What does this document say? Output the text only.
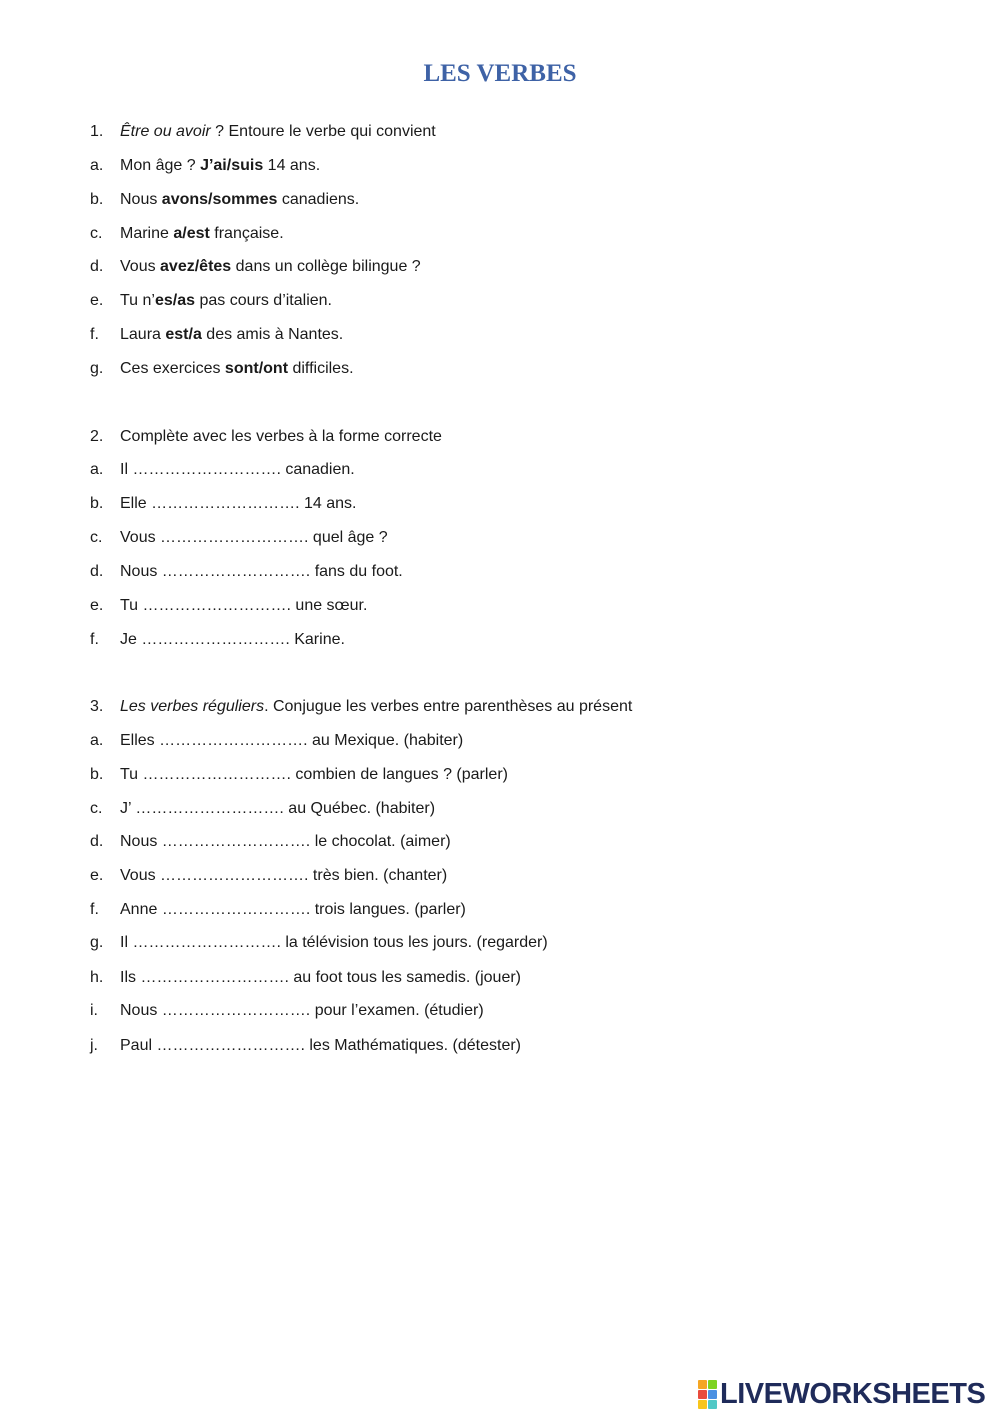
LES VERBES
1. Être ou avoir ? Entoure le verbe qui convient
a. Mon âge ? J’ai/suis 14 ans.
b. Nous avons/sommes canadiens.
c. Marine a/est française.
d. Vous avez/êtes dans un collège bilingue ?
e. Tu n’es/as pas cours d’italien.
f. Laura est/a des amis à Nantes.
g. Ces exercices sont/ont difficiles.
2. Complète avec les verbes à la forme correcte
a. Il ………………………. canadien.
b. Elle ………………………. 14 ans.
c. Vous ………………………. quel âge ?
d. Nous ………………………. fans du foot.
e. Tu ………………………. une sœur.
f. Je ………………………. Karine.
3. Les verbes réguliers. Conjugue les verbes entre parenthèses au présent
a. Elles ………………………. au Mexique. (habiter)
b. Tu ………………………. combien de langues ? (parler)
c. J’ ………………………. au Québec. (habiter)
d. Nous ………………………. le chocolat. (aimer)
e. Vous ………………………. très bien. (chanter)
f. Anne ………………………. trois langues. (parler)
g. Il ………………………. la télévision tous les jours. (regarder)
h. Ils ………………………. au foot tous les samedis. (jouer)
i. Nous ………………………. pour l’examen. (étudier)
j. Paul ………………………. les Mathématiques. (détester)
LIVEWORKSHEETS
